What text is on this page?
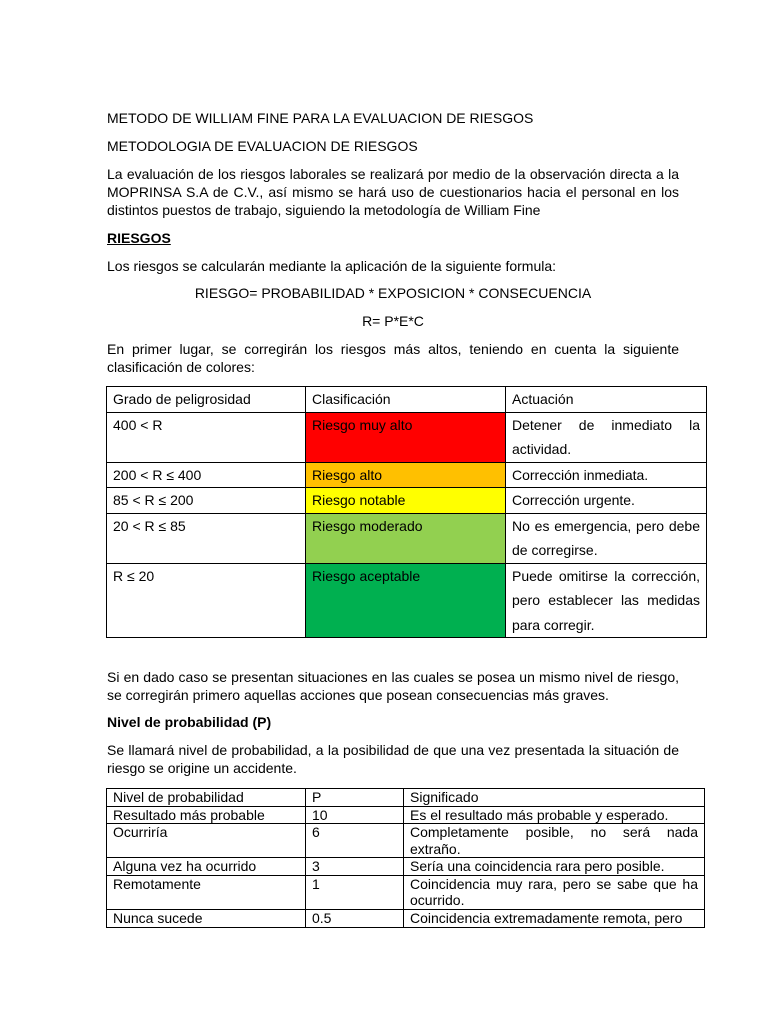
METODO DE WILLIAM FINE PARA LA EVALUACION DE RIESGOS

METODOLOGIA DE EVALUACION DE RIESGOS

La evaluación de los riesgos laborales se realizará por medio de la observación directa a la MOPRINSA S.A de C.V., así mismo se hará uso de cuestionarios hacia el personal en los distintos puestos de trabajo, siguiendo la metodología de William Fine

RIESGOS

Los riesgos se calcularán mediante la aplicación de la siguiente formula:

RIESGO= PROBABILIDAD * EXPOSICION * CONSECUENCIA

R= P*E*C

En primer lugar, se corregirán los riesgos más altos, teniendo en cuenta la siguiente clasificación de colores:

Grado de peligrosidad	Clasificación	Actuación
400 < R	Riesgo muy alto	Detener de inmediato la actividad.
200 < R ≤ 400	Riesgo alto	Corrección inmediata.
85 < R ≤ 200	Riesgo notable	Corrección urgente.
20 < R ≤ 85	Riesgo moderado	No es emergencia, pero debe de corregirse.
R ≤ 20	Riesgo aceptable	Puede omitirse la corrección, pero establecer las medidas para corregir.

Si en dado caso se presentan situaciones en las cuales se posea un mismo nivel de riesgo, se corregirán primero aquellas acciones que posean consecuencias más graves.

Nivel de probabilidad (P)

Se llamará nivel de probabilidad, a la posibilidad de que una vez presentada la situación de riesgo se origine un accidente.

Nivel de probabilidad	P	Significado
Resultado más probable	10	Es el resultado más probable y esperado.
Ocurriría	6	Completamente posible, no será nada extraño.
Alguna vez ha ocurrido	3	Sería una coincidencia rara pero posible.
Remotamente	1	Coincidencia muy rara, pero se sabe que ha ocurrido.
Nunca sucede	0.5	Coincidencia extremadamente remota, pero
